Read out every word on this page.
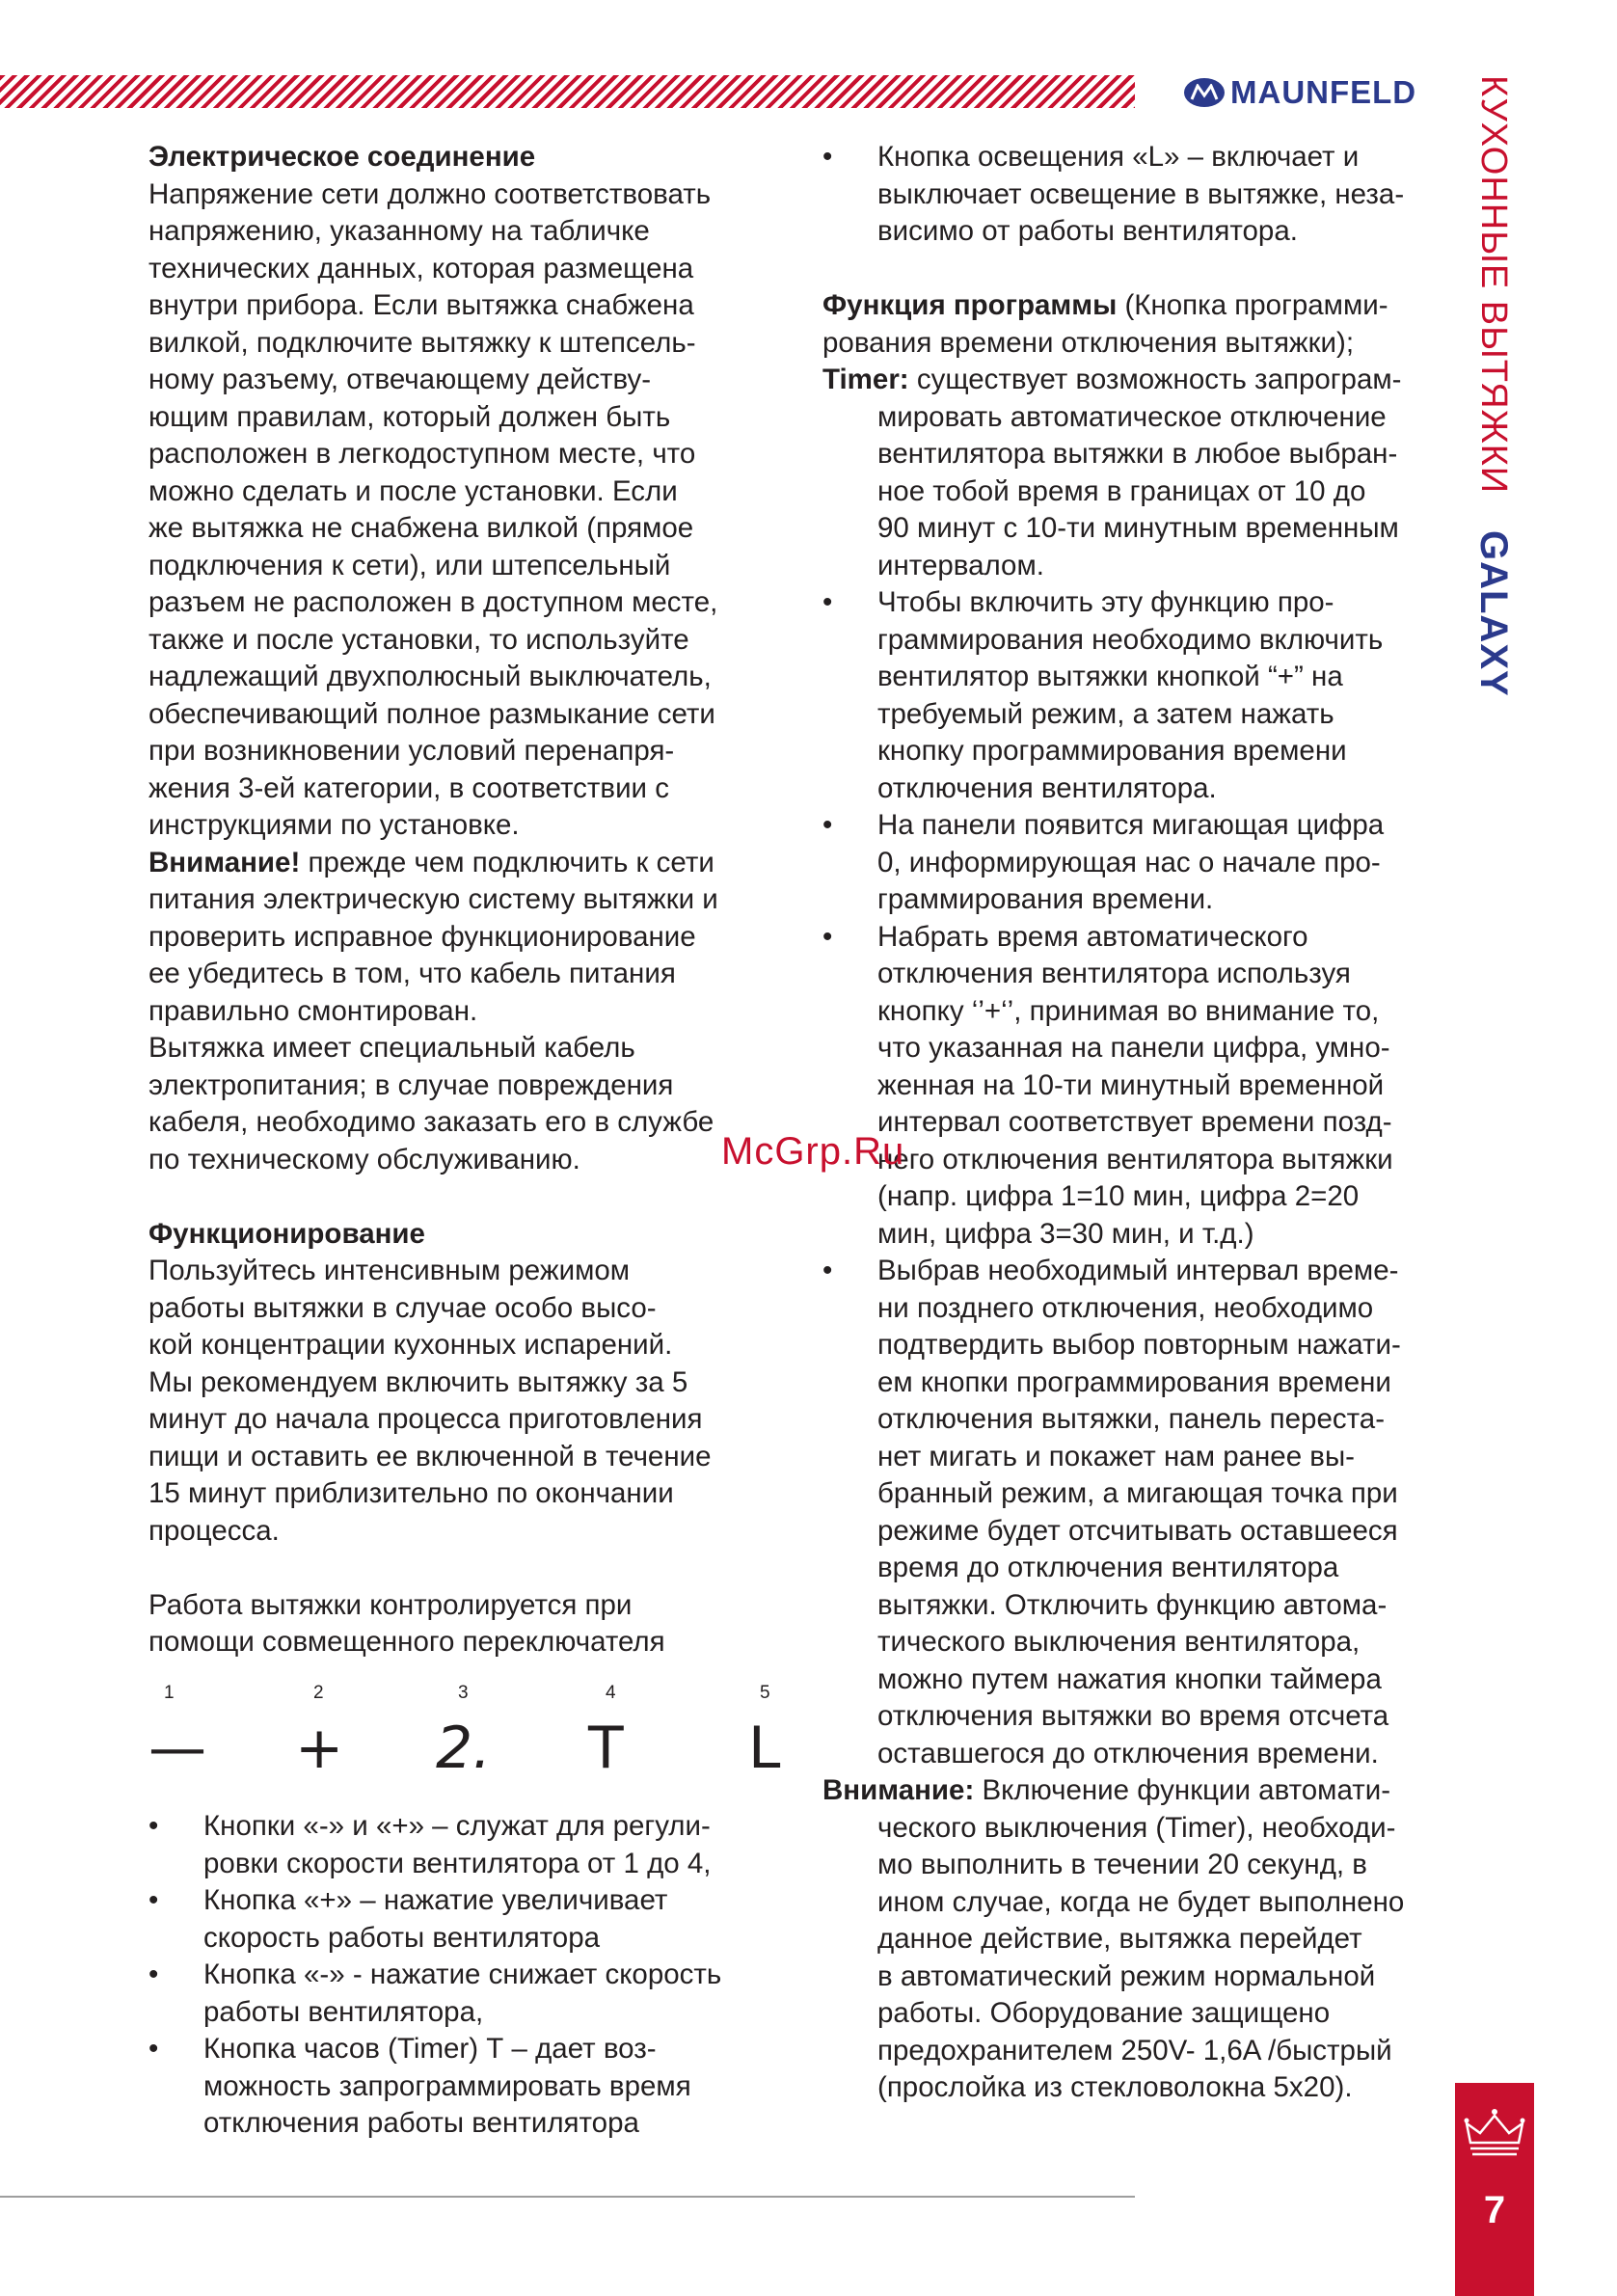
MAUNFELD КУХОННЫЕ ВЫТЯЖКИ GALAXY

Электрическое соединение

Напряжение сети должно соответствовать

напряжению, указанному на табличке

технических данных, которая размещена

внутри прибора. Если вытяжка снабжена

вилкой, подключите вытяжку к штепсель-

ному разъему, отвечающему действу-

ющим правилам, который должен быть

расположен в легкодоступном месте, что

можно сделать и после установки. Если

же вытяжка не снабжена вилкой (прямое

подключения к сети), или штепсельный

разъем не расположен в доступном месте,

также и после установки, то используйте

надлежащий двухполюсный выключатель,

обеспечивающий полное размыкание сети

при возникновении условий перенапря-

жения 3-ей категории, в соответствии с

инструкциями по установке.

Внимание! прежде чем подключить к сети

питания электрическую систему вытяжки и

проверить исправное функционирование

ее убедитесь в том, что кабель питания

правильно смонтирован.

Вытяжка имеет специальный кабель

электропитания; в случае повреждения

кабеля, необходимо заказать его в службе

по техническому обслуживанию.

Функционирование

Пользуйтесь интенсивным режимом

работы вытяжки в случае особо высо-

кой концентрации кухонных испарений.

Мы рекомендуем включить вытяжку за 5

минут до начала процесса приготовления

пищи и оставить ее включенной в течение

15 минут приблизительно по окончании

процесса.

Работа вытяжки контролируется при

помощи совмещенного переключателя

1	2	3	4	5
— + 2. T L
• Кнопки «-» и «+» – служат для регули-

ровки скорости вентилятора от 1 до 4,

• Кнопка «+» – нажатие увеличивает

скорость работы вентилятора

• Кнопка «-» - нажатие снижает скорость

работы вентилятора,

• Кнопка часов (Timer) Т – дает воз-

можность запрограммировать время

отключения работы вентилятора

• Кнопка освещения «L» – включает и

выключает освещение в вытяжке, неза-

висимо от работы вентилятора.

Функция программы (Кнопка программи-

рования времени отключения вытяжки);

Timer: существует возможность запрограм-

мировать автоматическое отключение

вентилятора вытяжки в любое выбран-

ное тобой время в границах от 10 до

90 минут с 10-ти минутным временным

интервалом.

• Чтобы включить эту функцию про-

граммирования необходимо включить

вентилятор вытяжки кнопкой “+” на

требуемый режим, а затем нажать

кнопку программирования времени

отключения вентилятора.

• На панели появится мигающая цифра

0, информирующая нас о начале про-

граммирования времени.

• Набрать время автоматического

отключения вентилятора используя

кнопку ‘’+‘’, принимая во внимание то,

что указанная на панели цифра, умно-

женная на 10-ти минутный временной

интервал соответствует времени позд-

него отключения вентилятора вытяжки

(напр. цифра 1=10 мин, цифра 2=20

мин, цифра 3=30 мин, и т.д.)

• Выбрав необходимый интервал време-

ни позднего отключения, необходимо

подтвердить выбор повторным нажати-

ем кнопки программирования времени

отключения вытяжки, панель переста-

нет мигать и покажет нам ранее вы-

бранный режим, а мигающая точка при

режиме будет отсчитывать оставшееся

время до отключения вентилятора

вытяжки. Отключить функцию автома-

тического выключения вентилятора,

можно путем нажатия кнопки таймера

отключения вытяжки во время отсчета

оставшегося до отключения времени.

Внимание: Включение функции автомати-

ческого выключения (Timer), необходи-

мо выполнить в течении 20 секунд, в

ином случае, когда не будет выполнено

данное действие, вытяжка перейдет

в автоматический режим нормальной

работы. Оборудование защищено

предохранителем 250V- 1,6A /быстрый

(прослойка из стекловолокна 5x20).

McGrp.Ru
7
